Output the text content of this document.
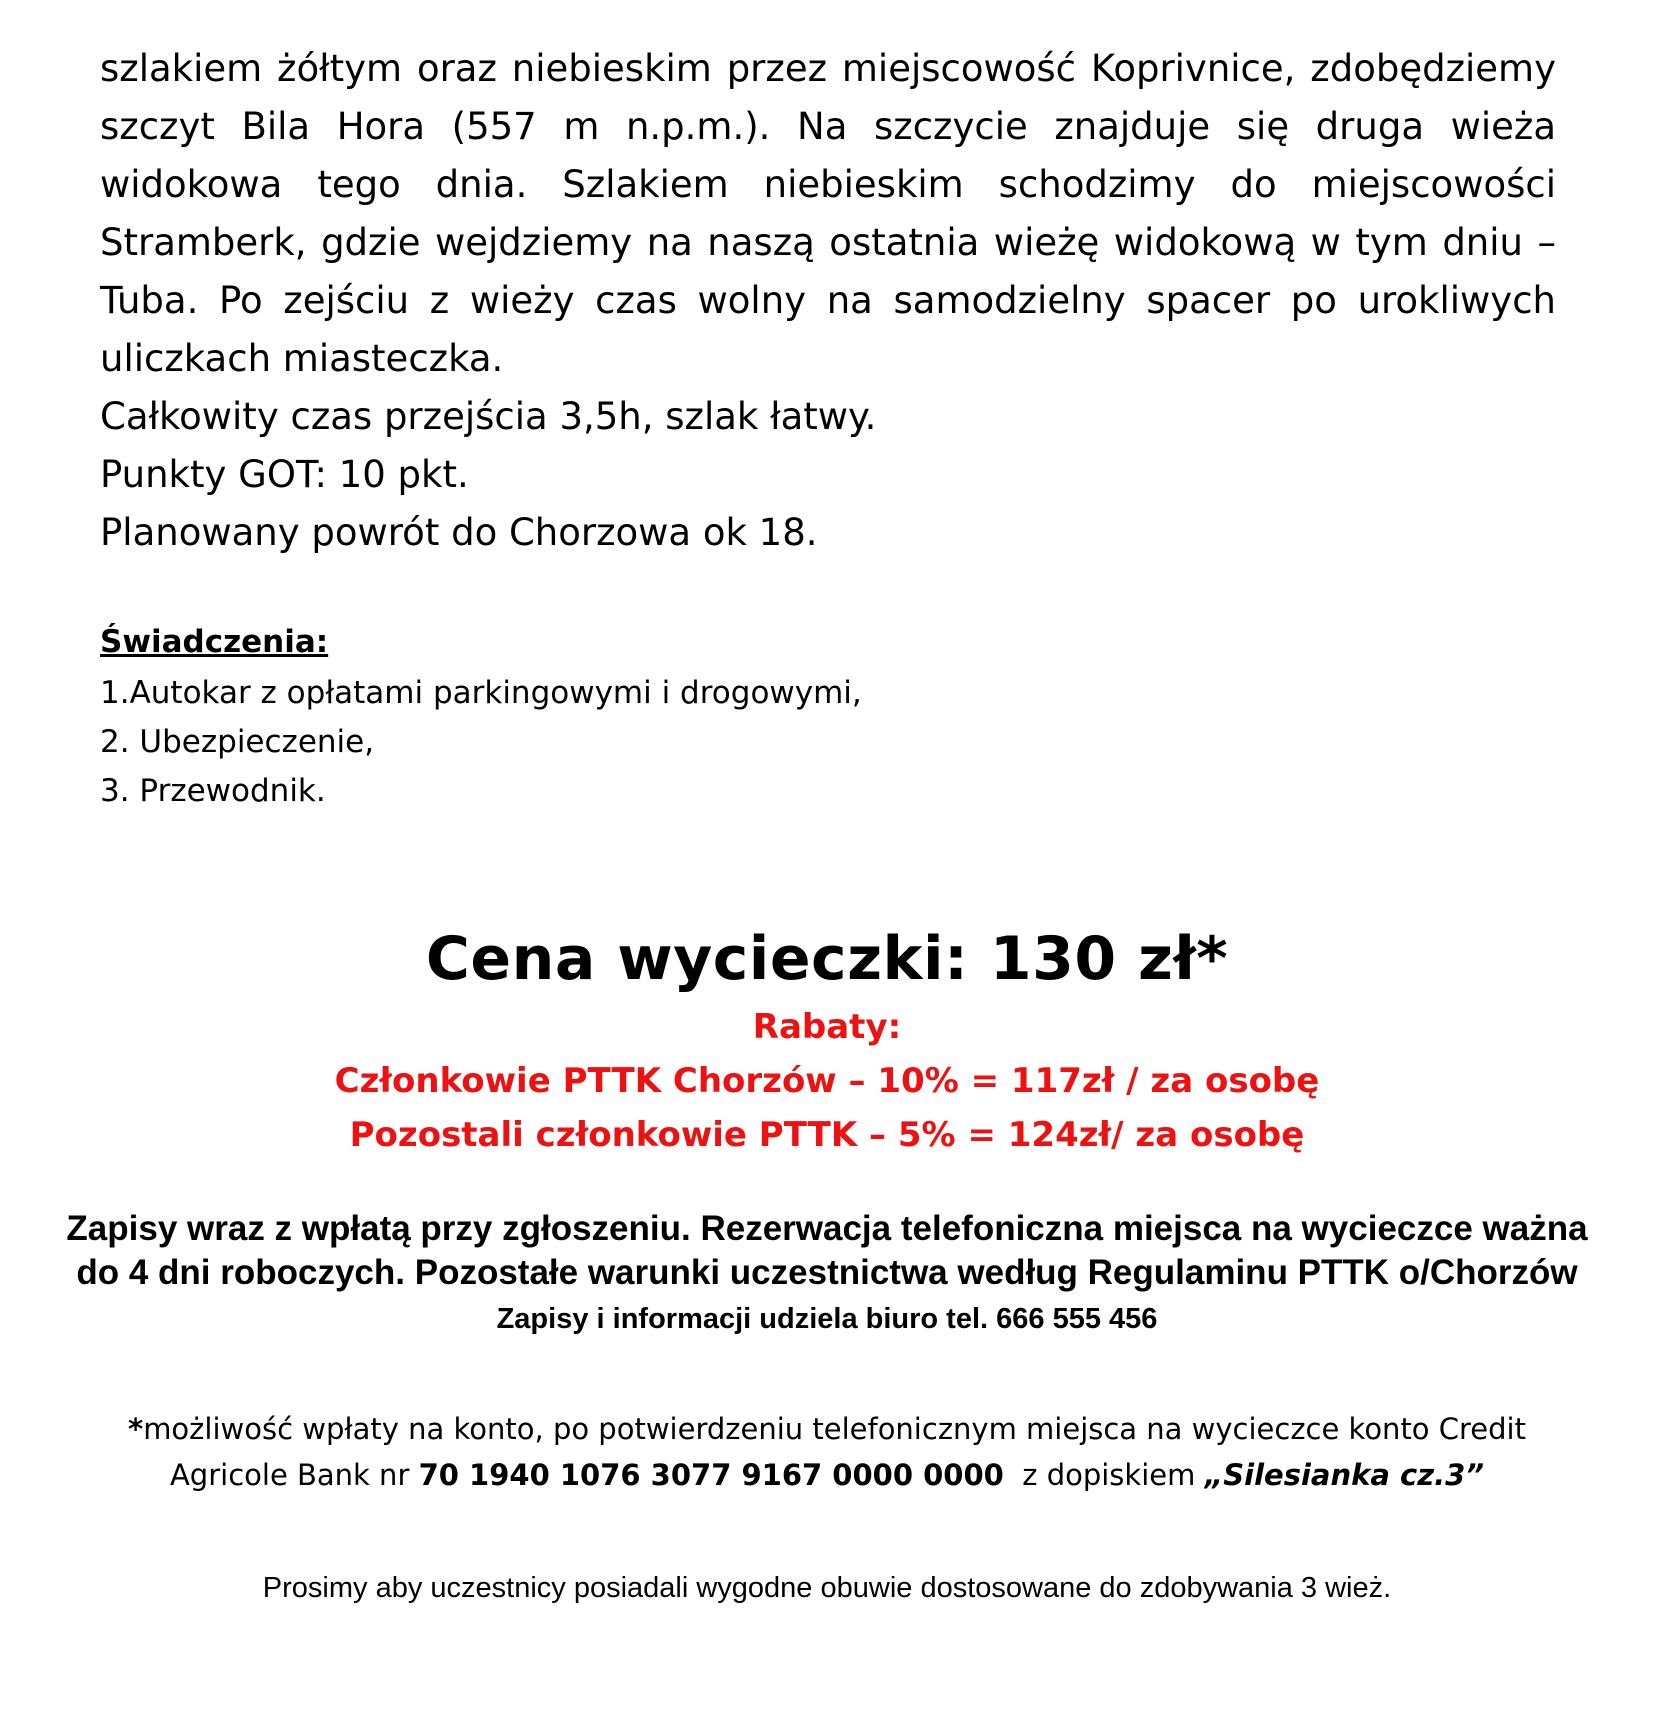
szlakiem żółtym oraz niebieskim przez miejscowość Koprivnice, zdobędziemy szczyt Bila Hora (557 m n.p.m.). Na szczycie znajduje się druga wieża widokowa tego dnia. Szlakiem niebieskim schodzimy do miejscowości Stramberk, gdzie wejdziemy na naszą ostatnia wieżę widokową w tym dniu – Tuba. Po zejściu z wieży czas wolny na samodzielny spacer po urokliwych uliczkach miasteczka.

Całkowity czas przejścia 3,5h, szlak łatwy.

Punkty GOT: 10 pkt.

Planowany powrót do Chorzowa ok 18.

Świadczenia:

1.Autokar z opłatami parkingowymi i drogowymi,

2. Ubezpieczenie,

3. Przewodnik.

Cena wycieczki: 130 zł*

Rabaty:

Członkowie PTTK Chorzów – 10% = 117zł / za osobę

Pozostali członkowie PTTK – 5% = 124zł/ za osobę

Zapisy wraz z wpłatą przy zgłoszeniu. Rezerwacja telefoniczna miejsca na wycieczce ważna do 4 dni roboczych. Pozostałe warunki uczestnictwa według Regulaminu PTTK o/Chorzów

Zapisy i informacji udziela biuro tel. 666 555 456

*możliwość wpłaty na konto, po potwierdzeniu telefonicznym miejsca na wycieczce konto Credit

Agricole Bank nr 70 1940 1076 3077 9167 0000 0000  z dopiskiem „Silesianka cz.3”

Prosimy aby uczestnicy posiadali wygodne obuwie dostosowane do zdobywania 3 wież.
